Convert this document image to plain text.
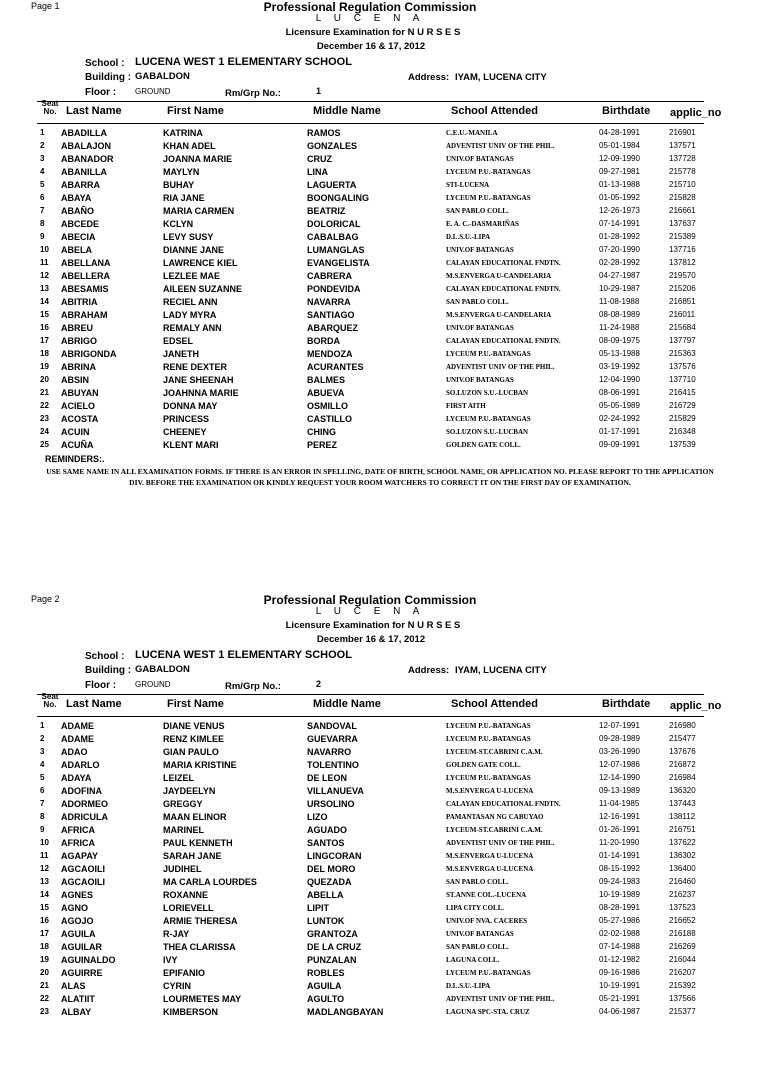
Page 1	Professional Regulation Commission
L U C E N A
Licensure Examination for N U R S E S
December 16 & 17, 2012
School : LUCENA WEST 1 ELEMENTARY SCHOOL
Building : GABALDON	Address: IYAM, LUCENA CITY
Floor : GROUND	Rm/Grp No.:	1
Seat No. Last Name	First Name	Middle Name	School Attended	Birthdate applic_no
1 ABADILLA	KATRINA	RAMOS	C.E.U.-MANILA	04-28-1991	216901
2 ABALAJON	KHAN ADEL	GONZALES	ADVENTIST UNIV OF THE PHIL.	05-01-1984	137571
3 ABANADOR	JOANNA MARIE	CRUZ	UNIV.OF BATANGAS	12-09-1990	137728
4 ABANILLA	MAYLYN	LINA	LYCEUM P.U.-BATANGAS	09-27-1981	215778
5 ABARRA	BUHAY	LAGUERTA	STI-LUCENA	01-13-1988	215710
6 ABAYA	RIA JANE	BOONGALING	LYCEUM P.U.-BATANGAS	01-05-1992	215828
7 ABAÑO	MARIA CARMEN	BEATRIZ	SAN PABLO COLL.	12-26-1973	216661
8 ABCEDE	KCLYN	DOLORICAL	E. A. C.-DASMARIÑAS	07-14-1991	137637
9 ABECIA	LEVY SUSY	CABALBAG	D.L.S.U.-LIPA	01-28-1992	215389
10 ABELA	DIANNE JANE	LUMANGLAS	UNIV.OF BATANGAS	07-20-1990	137716
11 ABELLANA	LAWRENCE KIEL	EVANGELISTA	CALAYAN EDUCATIONAL FNDTN.	02-28-1992	137812
12 ABELLERA	LEZLEE MAE	CABRERA	M.S.ENVERGA U-CANDELARIA	04-27-1987	219570
13 ABESAMIS	AILEEN SUZANNE	PONDEVIDA	CALAYAN EDUCATIONAL FNDTN.	10-29-1987	215206
14 ABITRIA	RECIEL ANN	NAVARRA	SAN PABLO COLL.	11-08-1988	216851
15 ABRAHAM	LADY MYRA	SANTIAGO	M.S.ENVERGA U-CANDELARIA	08-08-1989	216011
16 ABREU	REMALY ANN	ABARQUEZ	UNIV.OF BATANGAS	11-24-1988	215684
17 ABRIGO	EDSEL	BORDA	CALAYAN EDUCATIONAL FNDTN.	08-09-1975	137797
18 ABRIGONDA	JANETH	MENDOZA	LYCEUM P.U.-BATANGAS	05-13-1988	215363
19 ABRINA	RENE DEXTER	ACURANTES	ADVENTIST UNIV OF THE PHIL.	03-19-1992	137576
20 ABSIN	JANE SHEENAH	BALMES	UNIV.OF BATANGAS	12-04-1990	137710
21 ABUYAN	JOAHNNA MARIE	ABUEVA	SO.LUZON S.U.-LUCBAN	08-06-1991	216415
22 ACIELO	DONNA MAY	OSMILLO	FIRST AITH	05-05-1989	216729
23 ACOSTA	PRINCESS	CASTILLO	LYCEUM P.U.-BATANGAS	02-24-1992	215829
24 ACUIN	CHEENEY	CHING	SO.LUZON S.U.-LUCBAN	01-17-1991	216348
25 ACUÑA	KLENT MARI	PEREZ	GOLDEN GATE COLL.	09-09-1991	137539
REMINDERS:.
USE SAME NAME IN ALL EXAMINATION FORMS. IF THERE IS AN ERROR IN SPELLING, DATE OF BIRTH, SCHOOL NAME, OR APPLICATION NO. PLEASE REPORT TO THE APPLICATION DIV. BEFORE THE EXAMINATION OR KINDLY REQUEST YOUR ROOM WATCHERS TO CORRECT IT ON THE FIRST DAY OF EXAMINATION.
Page 2	Professional Regulation Commission
L U C E N A
Licensure Examination for N U R S E S
December 16 & 17, 2012
School : LUCENA WEST 1 ELEMENTARY SCHOOL
Building : GABALDON	Address: IYAM, LUCENA CITY
Floor : GROUND	Rm/Grp No.:	2
Seat No. Last Name	First Name	Middle Name	School Attended	Birthdate applic_no
1 ADAME	DIANE VENUS	SANDOVAL	LYCEUM P.U.-BATANGAS	12-07-1991	216980
2 ADAME	RENZ KIMLEE	GUEVARRA	LYCEUM P.U.-BATANGAS	09-28-1989	215477
3 ADAO	GIAN PAULO	NAVARRO	LYCEUM-ST.CABRINI C.A.M.	03-26-1990	137676
4 ADARLO	MARIA KRISTINE	TOLENTINO	GOLDEN GATE COLL.	12-07-1986	216872
5 ADAYA	LEIZEL	DE LEON	LYCEUM P.U.-BATANGAS	12-14-1990	216984
6 ADOFINA	JAYDEELYN	VILLANUEVA	M.S.ENVERGA U-LUCENA	09-13-1989	136320
7 ADORMEO	GREGGY	URSOLINO	CALAYAN EDUCATIONAL FNDTN.	11-04-1985	137443
8 ADRICULA	MAAN ELINOR	LIZO	PAMANTASAN NG CABUYAO	12-16-1991	138112
9 AFRICA	MARINEL	AGUADO	LYCEUM-ST.CABRINI C.A.M.	01-26-1991	216751
10 AFRICA	PAUL KENNETH	SANTOS	ADVENTIST UNIV OF THE PHIL.	11-20-1990	137622
11 AGAPAY	SARAH JANE	LINGCORAN	M.S.ENVERGA U-LUCENA	01-14-1991	136302
12 AGCAOILI	JUDIHEL	DEL MORO	M.S.ENVERGA U-LUCENA	08-15-1992	136400
13 AGCAOILI	MA CARLA LOURDES	QUEZADA	SAN PABLO COLL.	09-24-1983	216460
14 AGNES	ROXANNE	ABELLA	ST.ANNE COL.-LUCENA	10-19-1989	216237
15 AGNO	LORIEVELL	LIPIT	LIPA CITY COLL.	08-28-1991	137523
16 AGOJO	ARMIE THERESA	LUNTOK	UNIV.OF NVA. CACERES	05-27-1986	216652
17 AGUILA	R-JAY	GRANTOZA	UNIV.OF BATANGAS	02-02-1988	216188
18 AGUILAR	THEA CLARISSA	DE LA CRUZ	SAN PABLO COLL.	07-14-1988	216269
19 AGUINALDO	IVY	PUNZALAN	LAGUNA COLL.	01-12-1982	216044
20 AGUIRRE	EPIFANIO	ROBLES	LYCEUM P.U.-BATANGAS	09-16-1986	216207
21 ALAS	CYRIN	AGUILA	D.L.S.U.-LIPA	10-19-1991	215392
22 ALATIIT	LOURMETES MAY	AGULTO	ADVENTIST UNIV OF THE PHIL.	05-21-1991	137566
23 ALBAY	KIMBERSON	MADLANGBAYAN	LAGUNA SPC-STA. CRUZ	04-06-1987	215377
